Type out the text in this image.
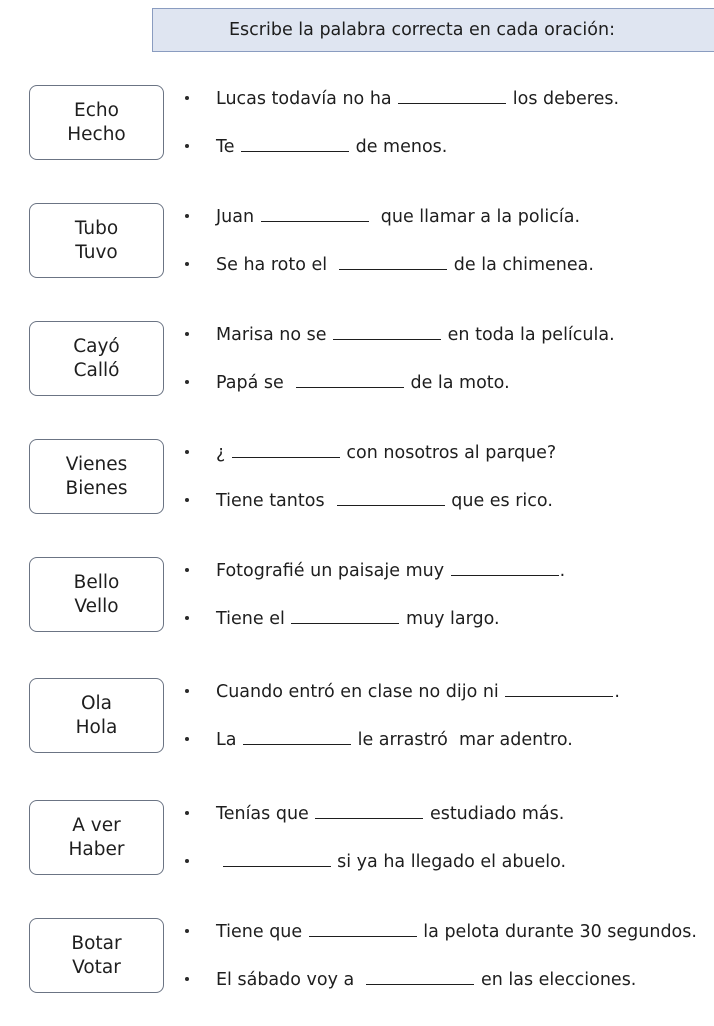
Escribe la palabra correcta en cada oración:
Echo
Hecho
Lucas todavía no ha	los deberes.
Te	de menos.
Tubo
Tuvo
Juan	que llamar a la policía.
Se ha roto el	de la chimenea.
Cayó
Calló
Marisa no se	en toda la película.
Papá se	de la moto.
Vienes
Bienes
¿	con nosotros al parque?
Tiene tantos	que es rico.
Bello
Vello
Fotografié un paisaje muy	.
Tiene el	muy largo.
Ola
Hola
Cuando entró en clase no dijo ni	.
La	le arrastró  mar adentro.
A ver
Haber
Tenías que	estudiado más.
si ya ha llegado el abuelo.
Botar
Votar
Tiene que	la pelota durante 30 segundos.
El sábado voy a	en las elecciones.
